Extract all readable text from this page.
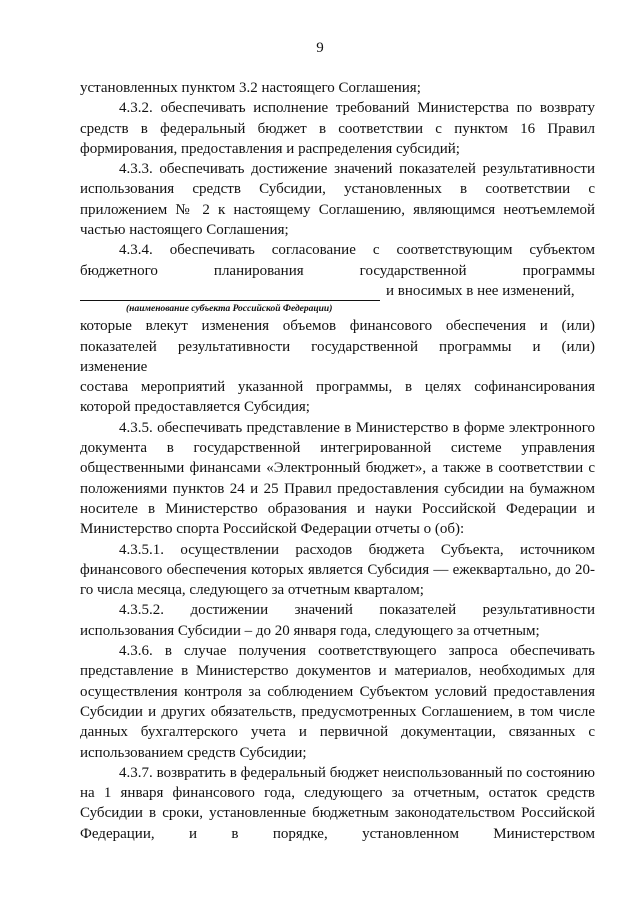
9

установленных пунктом 3.2 настоящего Соглашения;

4.3.2. обеспечивать исполнение требований Министерства по возврату средств в федеральный бюджет в соответствии с пунктом 16 Правил формирования, предоставления и распределения субсидий;

4.3.3. обеспечивать достижение значений показателей результативности использования средств Субсидии, установленных в соответствии с приложением № 2 к настоящему Соглашению, являющимся неотъемлемой частью настоящего Соглашения;

4.3.4. обеспечивать согласование с соответствующим субъектом
бюджетного планирования государственной программы
и вносимых в нее изменений,
(наименование субъекта Российской Федерации)
которые влекут изменения объемов финансового обеспечения и (или)
показателей результативности государственной программы и (или)
изменение

состава мероприятий указанной программы, в целях софинансирования которой предоставляется Субсидия;

4.3.5. обеспечивать представление в Министерство в форме электронного документа в государственной интегрированной системе управления общественными финансами «Электронный бюджет», а также в соответствии с положениями пунктов 24 и 25 Правил предоставления субсидии на бумажном носителе в Министерство образования и науки Российской Федерации и Министерство спорта Российской Федерации отчеты о (об):

4.3.5.1. осуществлении расходов бюджета Субъекта, источником финансового обеспечения которых является Субсидия — ежеквартально, до 20-го числа месяца, следующего за отчетным кварталом;

4.3.5.2. достижении значений показателей результативности использования Субсидии – до 20 января года, следующего за отчетным;

4.3.6. в случае получения соответствующего запроса обеспечивать представление в Министерство документов и материалов, необходимых для осуществления контроля за соблюдением Субъектом условий предоставления Субсидии и других обязательств, предусмотренных Соглашением, в том числе данных бухгалтерского учета и первичной документации, связанных с использованием средств Субсидии;

4.3.7. возвратить в федеральный бюджет неиспользованный по состоянию на 1 января финансового года, следующего за отчетным, остаток средств Субсидии в сроки, установленные бюджетным законодательством Российской Федерации, и в порядке, установленном Министерством
